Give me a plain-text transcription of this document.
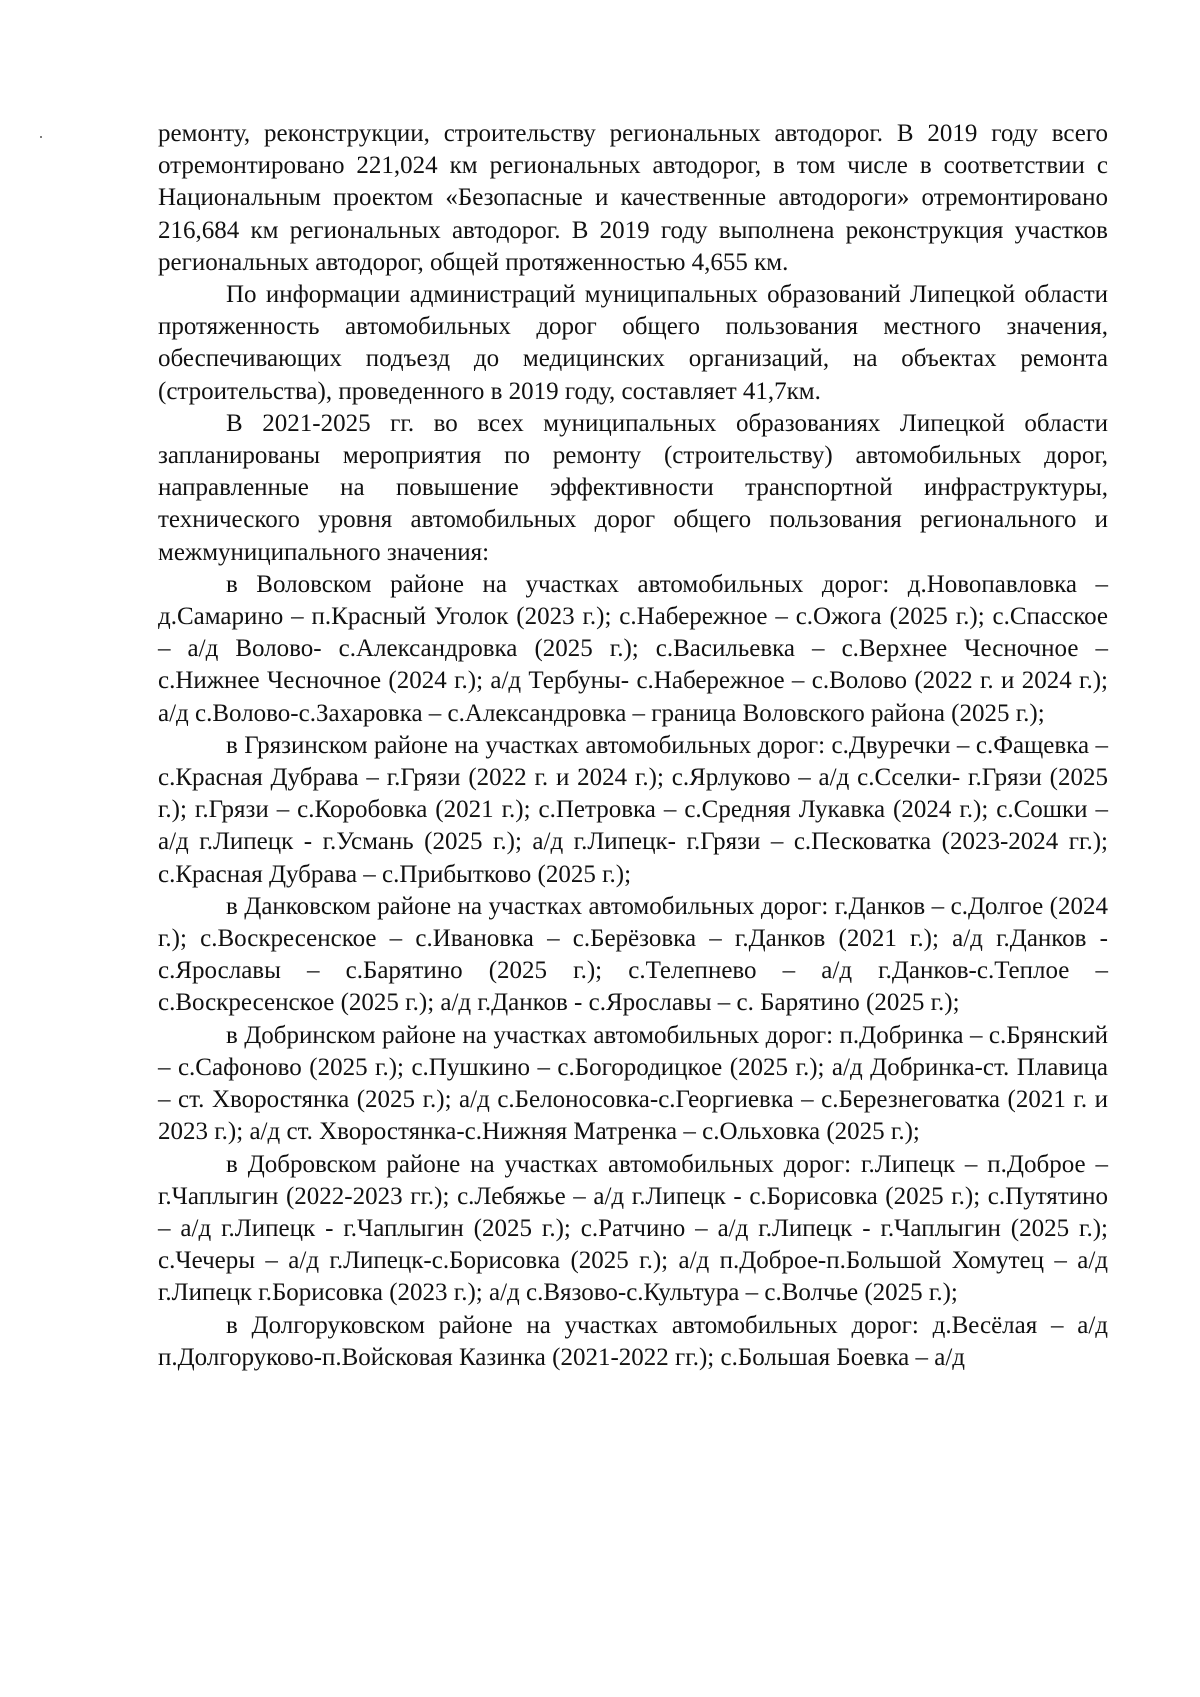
ремонту, реконструкции, строительству региональных автодорог. В 2019 году всего отремонтировано 221,024 км региональных автодорог, в том числе в соответствии с Национальным проектом «Безопасные и качественные автодороги» отремонтировано 216,684 км региональных автодорог. В 2019 году выполнена реконструкция участков региональных автодорог, общей протяженностью 4,655 км.

По информации администраций муниципальных образований Липецкой области протяженность автомобильных дорог общего пользования местного значения, обеспечивающих подъезд до медицинских организаций, на объектах ремонта (строительства), проведенного в 2019 году, составляет 41,7км.

В 2021-2025 гг. во всех муниципальных образованиях Липецкой области запланированы мероприятия по ремонту (строительству) автомобильных дорог, направленные на повышение эффективности транспортной инфраструктуры, технического уровня автомобильных дорог общего пользования регионального и межмуниципального значения:

в Воловском районе на участках автомобильных дорог: д.Новопавловка – д.Самарино – п.Красный Уголок (2023 г.); с.Набережное – с.Ожога (2025 г.); с.Спасское – а/д Волово- с.Александровка (2025 г.); с.Васильевка – с.Верхнее Чесночное – с.Нижнее Чесночное (2024 г.); а/д Тербуны- с.Набережное – с.Волово (2022 г. и 2024 г.); а/д с.Волово-с.Захаровка – с.Александровка – граница Воловского района (2025 г.);

в Грязинском районе на участках автомобильных дорог: с.Двуречки – с.Фащевка – с.Красная Дубрава – г.Грязи (2022 г. и 2024 г.); с.Ярлуково – а/д с.Сселки- г.Грязи (2025 г.); г.Грязи – с.Коробовка (2021 г.); с.Петровка – с.Средняя Лукавка (2024 г.); с.Сошки – а/д г.Липецк - г.Усмань (2025 г.); а/д г.Липецк- г.Грязи – с.Песковатка (2023-2024 гг.); с.Красная Дубрава – с.Прибытково (2025 г.);

в Данковском районе на участках автомобильных дорог: г.Данков – с.Долгое (2024 г.); с.Воскресенское – с.Ивановка – с.Берёзовка – г.Данков (2021 г.); а/д г.Данков - с.Ярославы – с.Барятино (2025 г.); с.Телепнево – а/д г.Данков-с.Теплое – с.Воскресенское (2025 г.); а/д г.Данков - с.Ярославы – с. Барятино (2025 г.);

в Добринском районе на участках автомобильных дорог: п.Добринка – с.Брянский – с.Сафоново (2025 г.); с.Пушкино – с.Богородицкое (2025 г.); а/д Добринка-ст. Плавица – ст. Хворостянка (2025 г.); а/д с.Белоносовка-с.Георгиевка – с.Березнеговатка (2021 г. и 2023 г.); а/д ст. Хворостянка-с.Нижняя Матренка – с.Ольховка (2025 г.);

в Добровском районе на участках автомобильных дорог: г.Липецк – п.Доброе – г.Чаплыгин (2022-2023 гг.); с.Лебяжье – а/д г.Липецк - с.Борисовка (2025 г.); с.Путятино – а/д г.Липецк - г.Чаплыгин (2025 г.); с.Ратчино – а/д г.Липецк - г.Чаплыгин (2025 г.); с.Чечеры – а/д г.Липецк-с.Борисовка (2025 г.); а/д п.Доброе-п.Большой Хомутец – а/д г.Липецк г.Борисовка (2023 г.); а/д с.Вязово-с.Культура – с.Волчье (2025 г.);

в Долгоруковском районе на участках автомобильных дорог: д.Весёлая – а/д п.Долгоруково-п.Войсковая Казинка (2021-2022 гг.); с.Большая Боевка – а/д
